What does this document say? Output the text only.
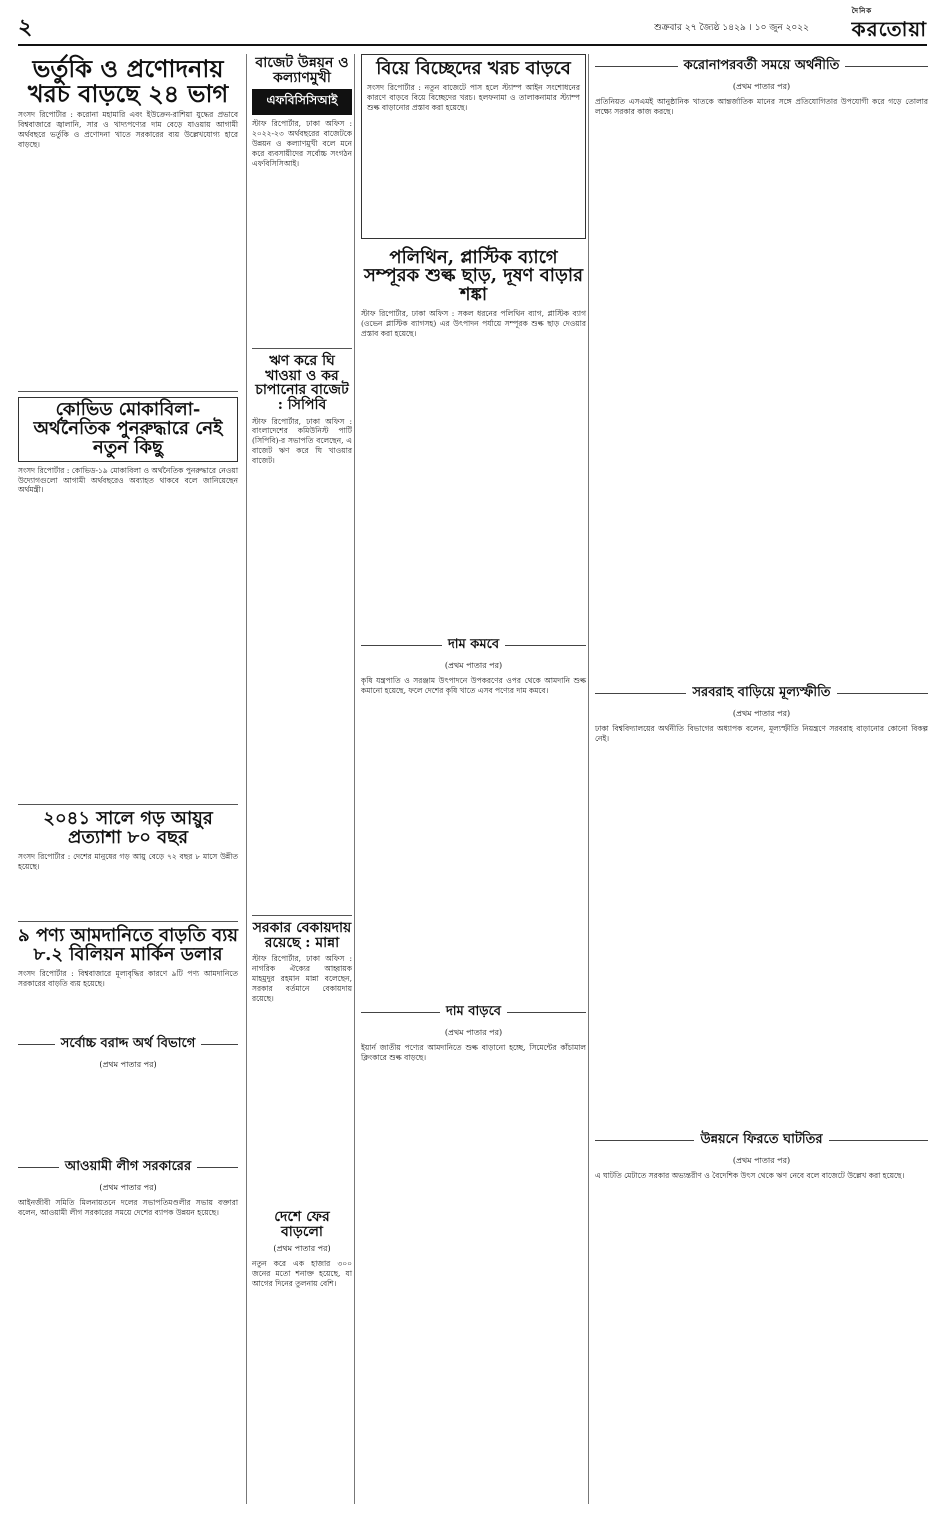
২	শুক্রবার ২৭ জ্যৈষ্ঠ ১৪২৯ । ১০ জুন ২০২২
দৈনিক
করতোয়া
ভর্তুকি ও প্রণোদনায় খরচ বাড়ছে ২৪ ভাগ

সংসদ রিপোর্টার : করোনা মহামারি এবং ইউক্রেন-রাশিয়া যুদ্ধের প্রভাবে বিশ্ববাজারে জ্বালানি, সার ও খাদ্যপণ্যের দাম বেড়ে যাওয়ায় আগামী অর্থবছরে ভর্তুকি ও প্রণোদনা খাতে সরকারের ব্যয় উল্লেখযোগ্য হারে বাড়ছে।

কোভিড মোকাবিলা-অর্থনৈতিক পুনরুদ্ধারে নেই নতুন কিছু

সংসদ রিপোর্টার : কোভিড-১৯ মোকাবিলা ও অর্থনৈতিক পুনরুদ্ধারে নেওয়া উদ্যোগগুলো আগামী অর্থবছরেও অব্যাহত থাকবে বলে জানিয়েছেন অর্থমন্ত্রী।

২০৪১ সালে গড় আয়ুর প্রত্যাশা ৮০ বছর

সংসদ রিপোর্টার : দেশের মানুষের গড় আয়ু বেড়ে ৭২ বছর ৮ মাসে উন্নীত হয়েছে।

৯ পণ্য আমদানিতে বাড়তি ব্যয় ৮.২ বিলিয়ন মার্কিন ডলার

সংসদ রিপোর্টার : বিশ্ববাজারে মূল্যবৃদ্ধির কারণে ৯টি পণ্য আমদানিতে সরকারের বাড়তি ব্যয় হয়েছে।

সর্বোচ্চ বরাদ্দ অর্থ বিভাগে
(প্রথম পাতার পর)
আওয়ামী লীগ সরকারের
(প্রথম পাতার পর)

আইনজীবী সমিতি মিলনায়তনে দলের সভাপতিমণ্ডলীর সভায় বক্তারা বলেন, আওয়ামী লীগ সরকারের সময়ে দেশের ব্যাপক উন্নয়ন হয়েছে।

বাজেট উন্নয়ন ও কল্যাণমুখী
এফবিসিসিআই

স্টাফ রিপোর্টার, ঢাকা অফিস : ২০২২-২৩ অর্থবছরের বাজেটকে উন্নয়ন ও কল্যাণমুখী বলে মনে করে ব্যবসায়ীদের সর্বোচ্চ সংগঠন এফবিসিসিআই।

ঋণ করে ঘি খাওয়া ও কর চাপানোর বাজেট : সিপিবি

স্টাফ রিপোর্টার, ঢাকা অফিস : বাংলাদেশের কমিউনিস্ট পার্টি (সিপিবি)-র সভাপতি বলেছেন, এ বাজেট ঋণ করে ঘি খাওয়ার বাজেট।

সরকার বেকায়দায় রয়েছে : মান্না

স্টাফ রিপোর্টার, ঢাকা অফিস : নাগরিক ঐক্যের আহ্বায়ক মাহমুদুর রহমান মান্না বলেছেন, সরকার বর্তমানে বেকায়দায় রয়েছে।

দেশে ফের বাড়লো
(প্রথম পাতার পর)

নতুন করে এক হাজার ৩০০ জনের মতো শনাক্ত হয়েছে, যা আগের দিনের তুলনায় বেশি।

বিয়ে বিচ্ছেদের খরচ বাড়বে

সংসদ রিপোর্টার : নতুন বাজেটে পাস হলে স্ট্যাম্প আইন সংশোধনের কারণে বাড়বে বিয়ে বিচ্ছেদের খরচ। হলফনামা ও তালাকনামার স্ট্যাম্প শুল্ক বাড়ানোর প্রস্তাব করা হয়েছে।

পলিথিন, প্লাস্টিক ব্যাগে সম্পূরক শুল্ক ছাড়, দূষণ বাড়ার শঙ্কা

স্টাফ রিপোর্টার, ঢাকা অফিস : সকল ধরনের পলিথিন ব্যাগ, প্লাস্টিক ব্যাগ (ওভেন প্লাস্টিক ব্যাগসহ) এর উৎপাদন পর্যায়ে সম্পূরক শুল্ক ছাড় দেওয়ার প্রস্তাব করা হয়েছে।

দাম কমবে
(প্রথম পাতার পর)

কৃষি যন্ত্রপাতি ও সরঞ্জাম উৎপাদনে উপকরণের ওপর থেকে আমদানি শুল্ক কমানো হয়েছে, ফলে দেশের কৃষি খাতে এসব পণ্যের দাম কমবে।

দাম বাড়বে
(প্রথম পাতার পর)

ইয়ার্ন জাতীয় পণ্যের আমদানিতে শুল্ক বাড়ানো হচ্ছে, সিমেন্টের কাঁচামাল ক্লিংকারে শুল্ক বাড়ছে।

করোনাপরবর্তী সময়ে অর্থনীতি
(প্রথম পাতার পর)

প্রতিনিয়ত এসএমই আনুষ্ঠানিক খাতকে আন্তর্জাতিক মানের সঙ্গে প্রতিযোগিতার উপযোগী করে গড়ে তোলার লক্ষ্যে সরকার কাজ করছে।

সরবরাহ বাড়িয়ে মূল্যস্ফীতি
(প্রথম পাতার পর)

ঢাকা বিশ্ববিদ্যালয়ের অর্থনীতি বিভাগের অধ্যাপক বলেন, মূল্যস্ফীতি নিয়ন্ত্রণে সরবরাহ বাড়ানোর কোনো বিকল্প নেই।

উন্নয়নে ফিরতে ঘাটতির
(প্রথম পাতার পর)

এ ঘাটতি মেটাতে সরকার অভ্যন্তরীণ ও বৈদেশিক উৎস থেকে ঋণ নেবে বলে বাজেটে উল্লেখ করা হয়েছে।
